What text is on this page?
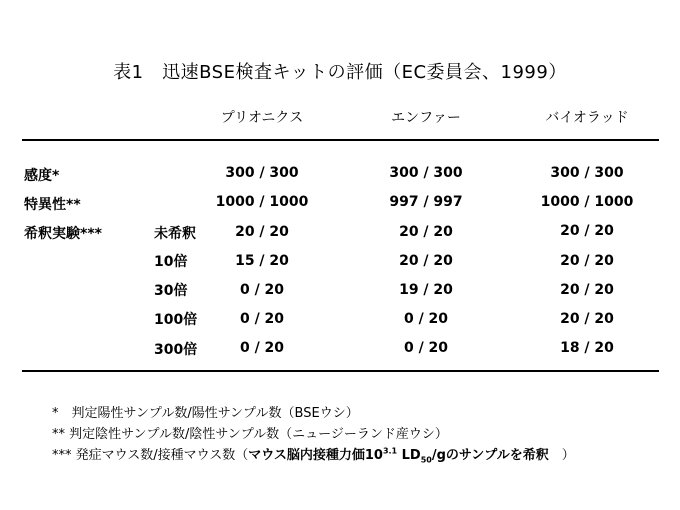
表1　迅速BSE検査キットの評価（EC委員会、1999）
プリオニクス	エンファー	バイオラッド
感度*	300 / 300	300 / 300	300 / 300
特異性**	1000 / 1000	997 / 997	1000 / 1000
希釈実験***	未希釈	20 / 20	20 / 20	20 / 20
10倍	15 / 20	20 / 20	20 / 20
30倍	0 / 20	19 / 20	20 / 20
100倍	0 / 20	0 / 20	20 / 20
300倍	0 / 20	0 / 20	18 / 20
*　判定陽性サンプル数/陽性サンプル数（BSEウシ）
** 判定陰性サンプル数/陰性サンプル数（ニュージーランド産ウシ）
*** 発症マウス数/接種マウス数（マウス脳内接種力価10$^{3.1}$ $LD_{50}/g$のサンプルを希釈　）
